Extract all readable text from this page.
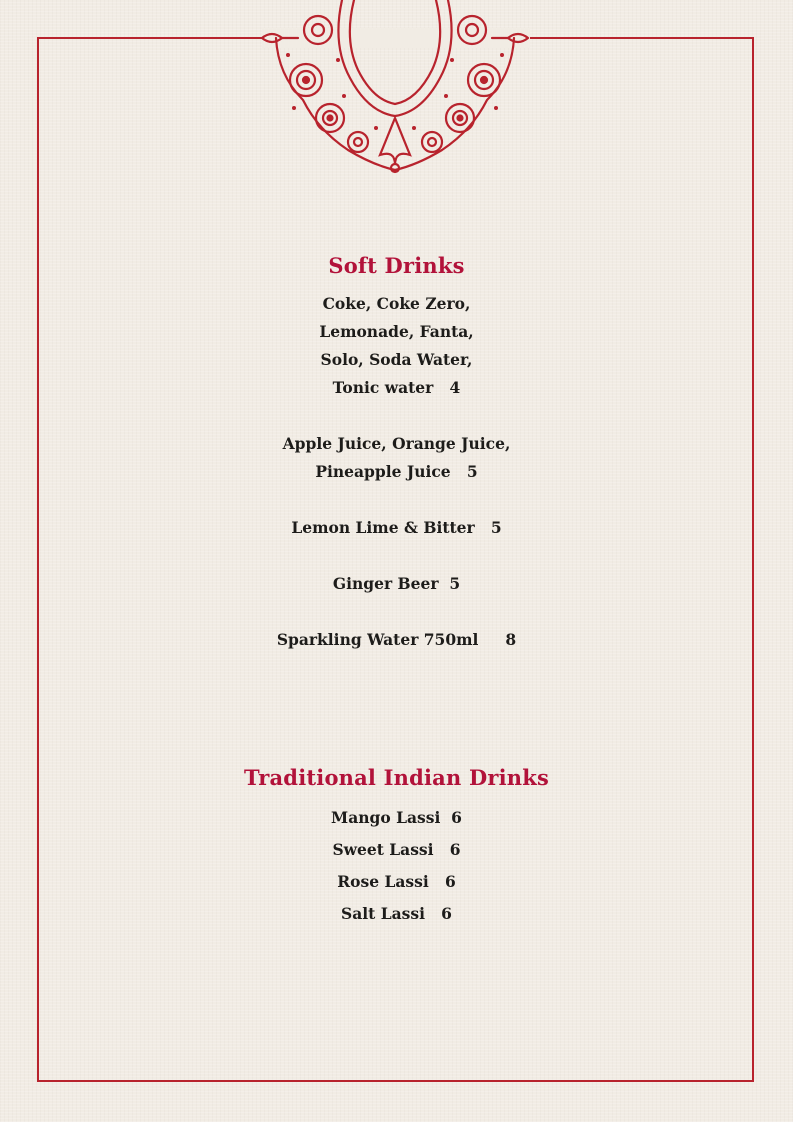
Soft Drinks

Coke, Coke Zero,

Lemonade, Fanta,

Solo, Soda Water,

Tonic water   4

Apple Juice, Orange Juice,

Pineapple Juice   5

Lemon Lime & Bitter   5

Ginger Beer  5

Sparkling Water 750ml     8

Traditional Indian Drinks

Mango Lassi  6

Sweet Lassi   6

Rose Lassi   6

Salt Lassi   6
